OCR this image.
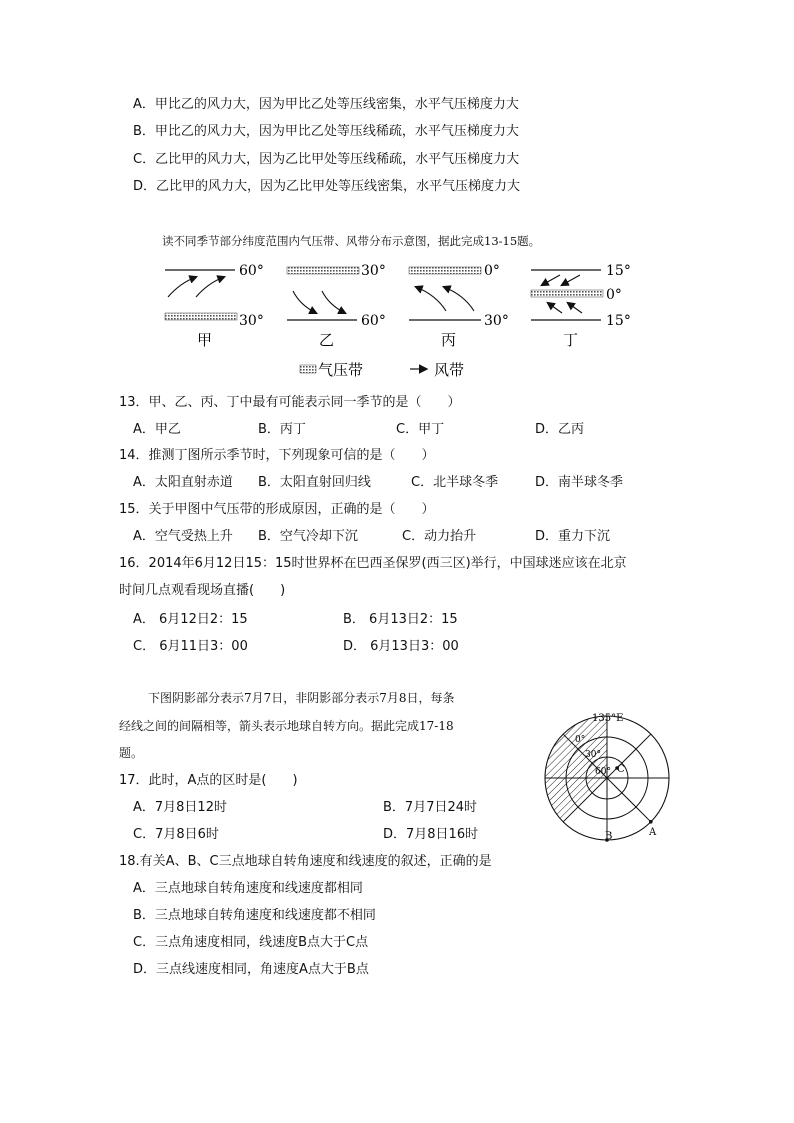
A．甲比乙的风力大，因为甲比乙处等压线密集，水平气压梯度力大
B．甲比乙的风力大，因为甲比乙处等压线稀疏，水平气压梯度力大
C．乙比甲的风力大，因为乙比甲处等压线稀疏，水平气压梯度力大
D．乙比甲的风力大，因为乙比甲处等压线密集，水平气压梯度力大
读不同季节部分纬度范围内气压带、风带分布示意图，据此完成13-15题。
60°
30°
甲
30°
60°
乙
0°
30°
丙
15°
0°
15°
丁
气压带	风带
13．甲、乙、丙、丁中最有可能表示同一季节的是（　　）
A．甲乙	B．丙丁	C．甲丁	D．乙丙
14．推测丁图所示季节时，下列现象可信的是（　　）
A．太阳直射赤道 B．太阳直射回归线	C．北半球冬季	D．南半球冬季
15．关于甲图中气压带的形成原因，正确的是（　　）
A．空气受热上升 B．空气冷却下沉	C．动力抬升	D．重力下沉
16．2014年6月12日15：15时世界杯在巴西圣保罗(西三区)举行，中国球迷应该在北京
时间几点观看现场直播(　　)
A． 6月12日2：15	B． 6月13日2：15
C． 6月11日3：00	D． 6月13日3：00
下图阴影部分表示7月7日，非阴影部分表示7月8日，每条
经线之间的间隔相等，箭头表示地球自转方向。据此完成17-18
题。
135°E
0°
30°
60° C
B	A
17．此时，A点的区时是(　　)
A．7月8日12时	B．7月7日24时
C．7月8日6时	D．7月8日16时
18.有关A、B、C三点地球自转角速度和线速度的叙述，正确的是
A．三点地球自转角速度和线速度都相同
B．三点地球自转角速度和线速度都不相同
C．三点角速度相同，线速度B点大于C点
D．三点线速度相同，角速度A点大于B点
